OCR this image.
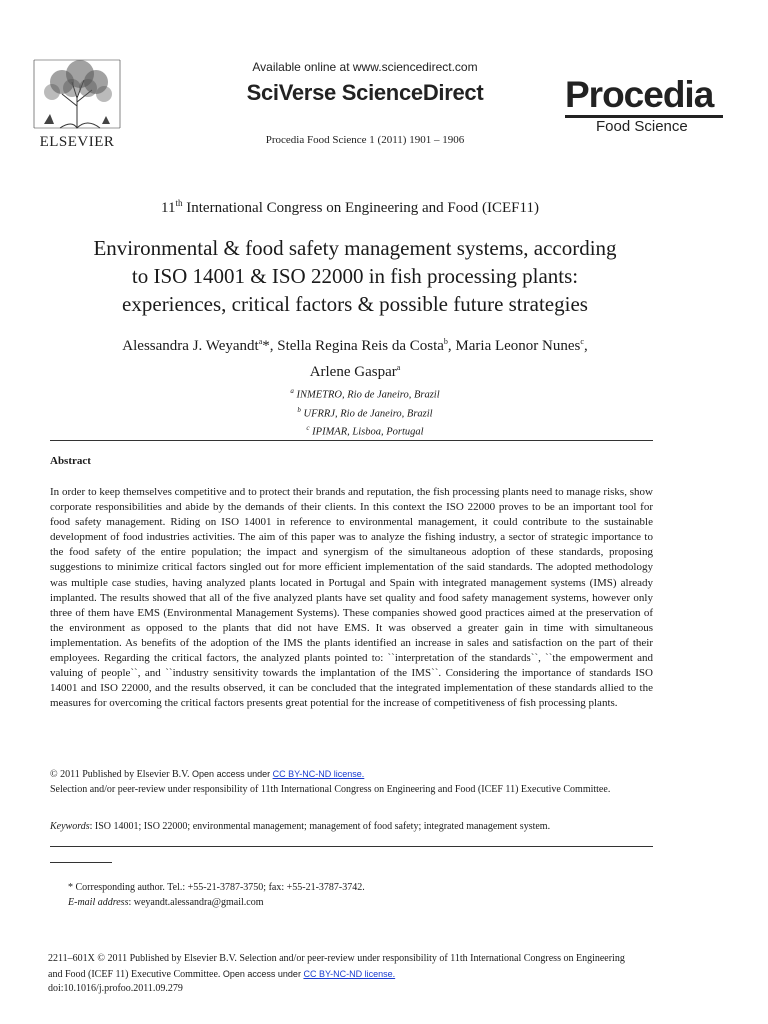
ELSEVIER
Available online at www.sciencedirect.com
SciVerse ScienceDirect
Procedia Food Science 1 (2011) 1901 – 1906
Procedia
Food Science
11th International Congress on Engineering and Food (ICEF11)
Environmental & food safety management systems, according
to ISO 14001 & ISO 22000 in fish processing plants:
experiences, critical factors & possible future strategies
Alessandra J. Weyandt$^a$*, Stella Regina Reis da Costa$^b$, Maria Leonor Nunes$^c$,
Arlene Gaspar$^a$
$^a$ INMETRO, Rio de Janeiro, Brazil
$^b$ UFRRJ, Rio de Janeiro, Brazil
$^c$ IPIMAR, Lisboa, Portugal
Abstract
In order to keep themselves competitive and to protect their brands and reputation, the fish processing plants need to manage risks, show corporate responsibilities and abide by the demands of their clients. In this context the ISO 22000 proves to be an important tool for food safety management. Riding on ISO 14001 in reference to environmental management, it could contribute to the sustainable development of food industries activities. The aim of this paper was to analyze the fishing industry, a sector of strategic importance to the food safety of the entire population; the impact and synergism of the simultaneous adoption of these standards, proposing suggestions to minimize critical factors singled out for more efficient implementation of the said standards. The adopted methodology was multiple case studies, having analyzed plants located in Portugal and Spain with integrated management systems (IMS) already implanted. The results showed that all of the five analyzed plants have set quality and food safety management systems, however only three of them have EMS (Environmental Management Systems). These companies showed good practices aimed at the preservation of the environment as opposed to the plants that did not have EMS. It was observed a greater gain in time with simultaneous implementation. As benefits of the adoption of the IMS the plants identified an increase in sales and satisfaction on the part of their employees. Regarding the critical factors, the analyzed plants pointed to: ``interpretation of the standards``, ``the empowerment and valuing of people``, and ``industry sensitivity towards the implantation of the IMS``. Considering the importance of standards ISO 14001 and ISO 22000, and the results observed, it can be concluded that the integrated implementation of these standards allied to the measures for overcoming the critical factors presents great potential for the increase of competitiveness of fish processing plants.
© 2011 Published by Elsevier B.V. Open access under CC BY-NC-ND license.
Selection and/or peer-review under responsibility of 11th International Congress on Engineering and Food (ICEF 11) Executive Committee.
Keywords: ISO 14001; ISO 22000; environmental management; management of food safety; integrated management system.
* Corresponding author. Tel.: +55-21-3787-3750; fax: +55-21-3787-3742.
E-mail address: weyandt.alessandra@gmail.com
2211–601X © 2011 Published by Elsevier B.V. Selection and/or peer-review under responsibility of 11th International Congress on Engineering
and Food (ICEF 11) Executive Committee. Open access under CC BY-NC-ND license.
doi:10.1016/j.profoo.2011.09.279
